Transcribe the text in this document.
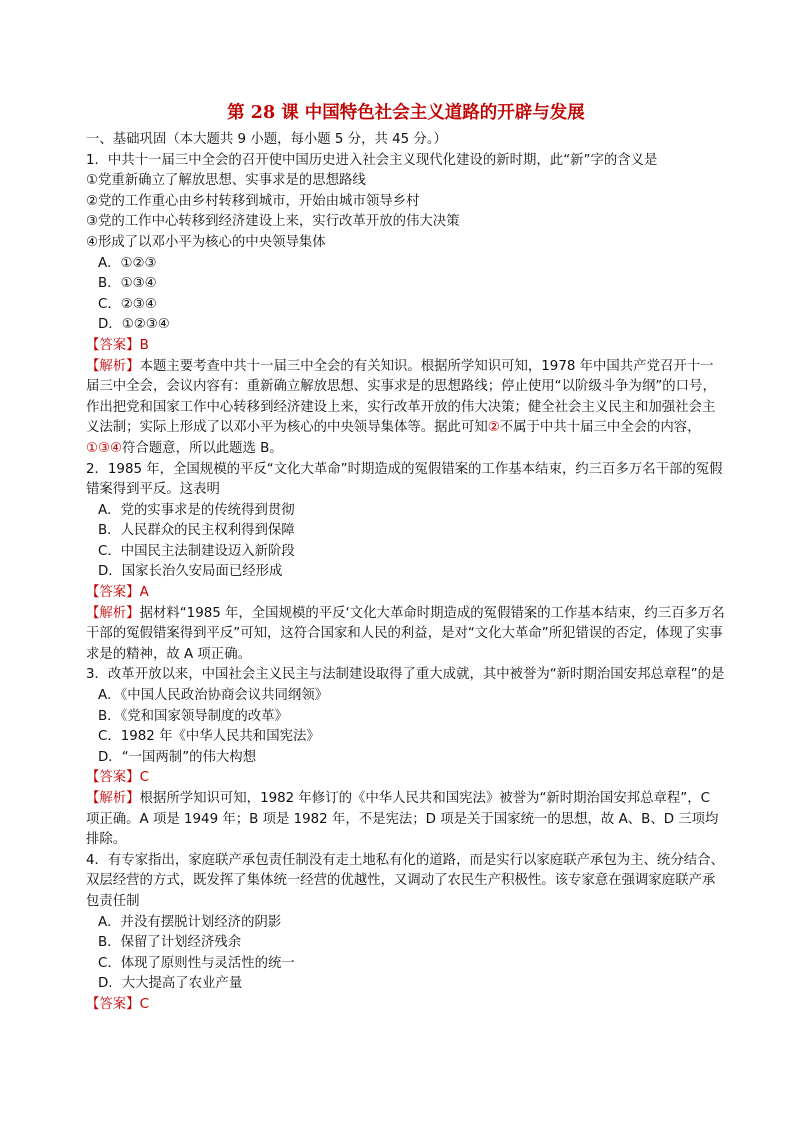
第 28 课 中国特色社会主义道路的开辟与发展
一、基础巩固（本大题共 9 小题，每小题 5 分，共 45 分。）
1．中共十一届三中全会的召开使中国历史进入社会主义现代化建设的新时期，此“新”字的含义是
①党重新确立了解放思想、实事求是的思想路线
②党的工作重心由乡村转移到城市，开始由城市领导乡村
③党的工作中心转移到经济建设上来，实行改革开放的伟大决策
④形成了以邓小平为核心的中央领导集体
A．①②③
B．①③④
C．②③④
D．①②③④
【答案】B
【解析】本题主要考查中共十一届三中全会的有关知识。根据所学知识可知，1978 年中国共产党召开十一届三中全会，会议内容有：重新确立解放思想、实事求是的思想路线；停止使用“以阶级斗争为纲”的口号，作出把党和国家工作中心转移到经济建设上来，实行改革开放的伟大决策；健全社会主义民主和加强社会主义法制；实际上形成了以邓小平为核心的中央领导集体等。据此可知②不属于中共十届三中全会的内容，①③④符合题意，所以此题选 B。
2．1985 年，全国规模的平反“文化大革命”时期造成的冤假错案的工作基本结束，约三百多万名干部的冤假错案得到平反。这表明
A．党的实事求是的传统得到贯彻
B．人民群众的民主权利得到保障
C．中国民主法制建设迈入新阶段
D．国家长治久安局面已经形成
【答案】A
【解析】据材料“1985 年，全国规模的平反‘文化大革命时期造成的冤假错案的工作基本结束，约三百多万名干部的冤假错案得到平反”可知，这符合国家和人民的利益，是对“文化大革命”所犯错误的否定，体现了实事求是的精神，故 A 项正确。
3．改革开放以来，中国社会主义民主与法制建设取得了重大成就，其中被誉为“新时期治国安邦总章程”的是
A．《中国人民政治协商会议共同纲领》
B．《党和国家领导制度的改革》
C．1982 年《中华人民共和国宪法》
D．“一国两制”的伟大构想
【答案】C
【解析】根据所学知识可知，1982 年修订的《中华人民共和国宪法》被誉为“新时期治国安邦总章程”，C 项正确。A 项是 1949 年；B 项是 1982 年，不是宪法；D 项是关于国家统一的思想，故 A、B、D 三项均排除。
4．有专家指出，家庭联产承包责任制没有走土地私有化的道路，而是实行以家庭联产承包为主、统分结合、双层经营的方式，既发挥了集体统一经营的优越性，又调动了农民生产积极性。该专家意在强调家庭联产承包责任制
A．并没有摆脱计划经济的阴影
B．保留了计划经济残余
C．体现了原则性与灵活性的统一
D．大大提高了农业产量
【答案】C
